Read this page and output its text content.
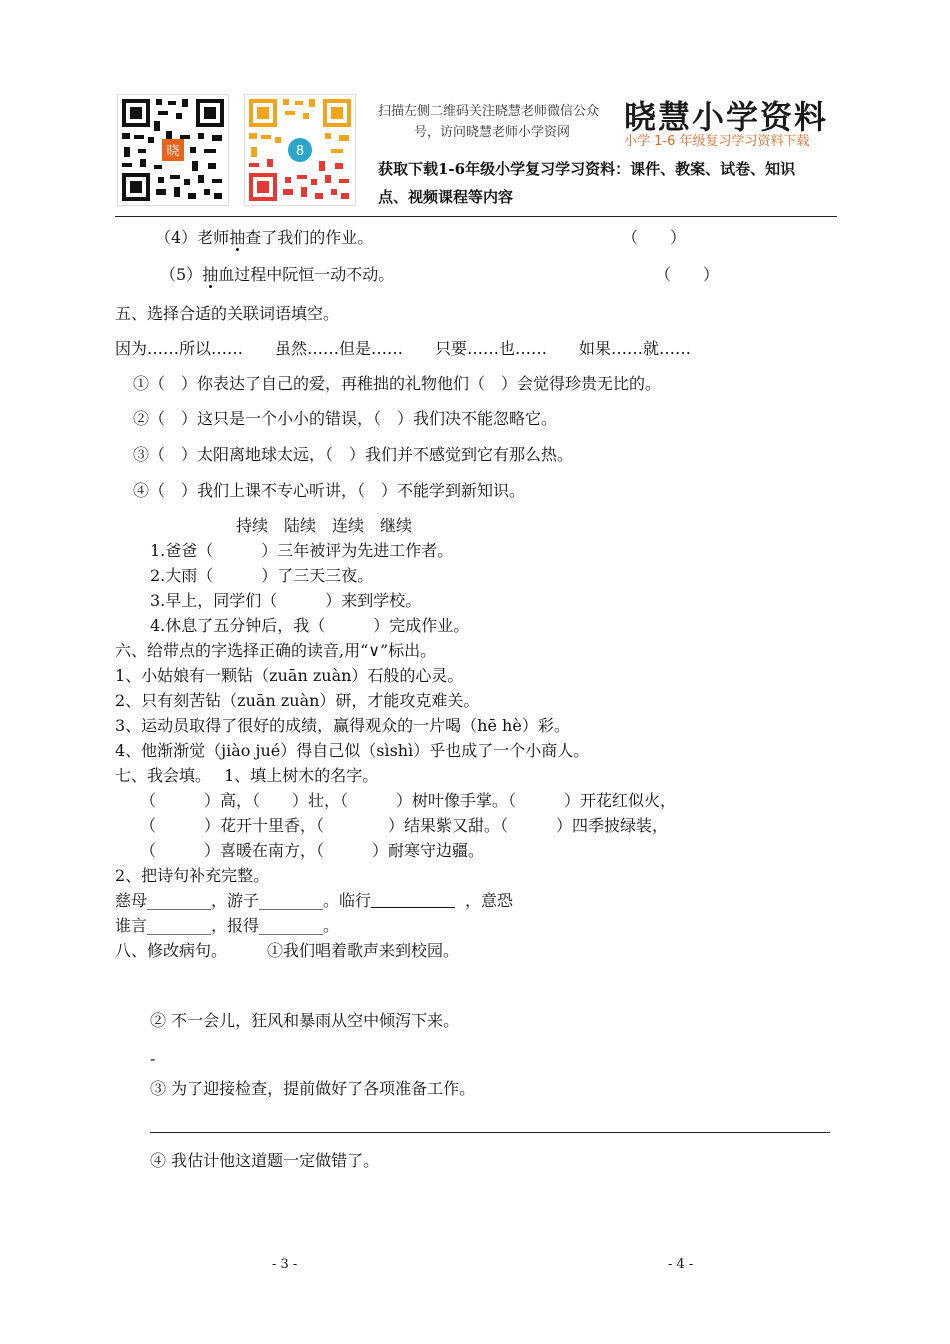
晓	8
扫描左侧二维码关注晓慧老师微信公众
号，访问晓慧老师小学资网 晓慧小学资料
小学 1-6 年级复习学习资料下载
获取下载1-6年级小学复习学习资料：课件、教案、试卷、知识
点、视频课程等内容
（4）老师抽查了我们的作业。	（　　）
（5）抽血过程中阮恒一动不动。	（　　）
五、选择合适的关联词语填空。
因为……所以……　　虽然……但是……　　只要……也……　　如果……就……
①（　）你表达了自己的爱，再稚拙的礼物他们（　）会觉得珍贵无比的。
②（　）这只是一个小小的错误，（　）我们决不能忽略它。
③（　）太阳离地球太远，（　）我们并不感觉到它有那么热。
④（　）我们上课不专心听讲，（　）不能学到新知识。
持续　陆续　连续　继续
1.爸爸（　　　）三年被评为先进工作者。
2.大雨（　　　）了三天三夜。
3.早上，同学们（　　　）来到学校。
4.休息了五分钟后，我（　　　）完成作业。
六、给带点的字选择正确的读音,用“∨”标出。
1、小姑娘有一颗钻（zuān zuàn）石般的心灵。
2、只有刻苦钻（zuān zuàn）研，才能攻克难关。
3、运动员取得了很好的成绩，赢得观众的一片喝（hē hè）彩。
4、他渐渐觉（jiào jué）得自己似（sìshì）乎也成了一个小商人。
七、我会填。　 1、填上树木的名字。
（　　　）高，（　　）壮，（　　　）树叶像手掌。（　　　）开花红似火，
（　　　）花开十里香，（　　　　）结果紫又甜。（　　　）四季披绿装，
（　　　）喜暖在南方，（　　　）耐寒守边疆。
2、把诗句补充完整。
慈母________，游子________。临行	，意恐
谁言________，报得________。
八、修改病句。　　　①我们唱着歌声来到校园。
② 不一会儿，狂风和暴雨从空中倾泻下来。
-
③ 为了迎接检查，提前做好了各项准备工作。
④ 我估计他这道题一定做错了。
- 3 -	- 4 -
